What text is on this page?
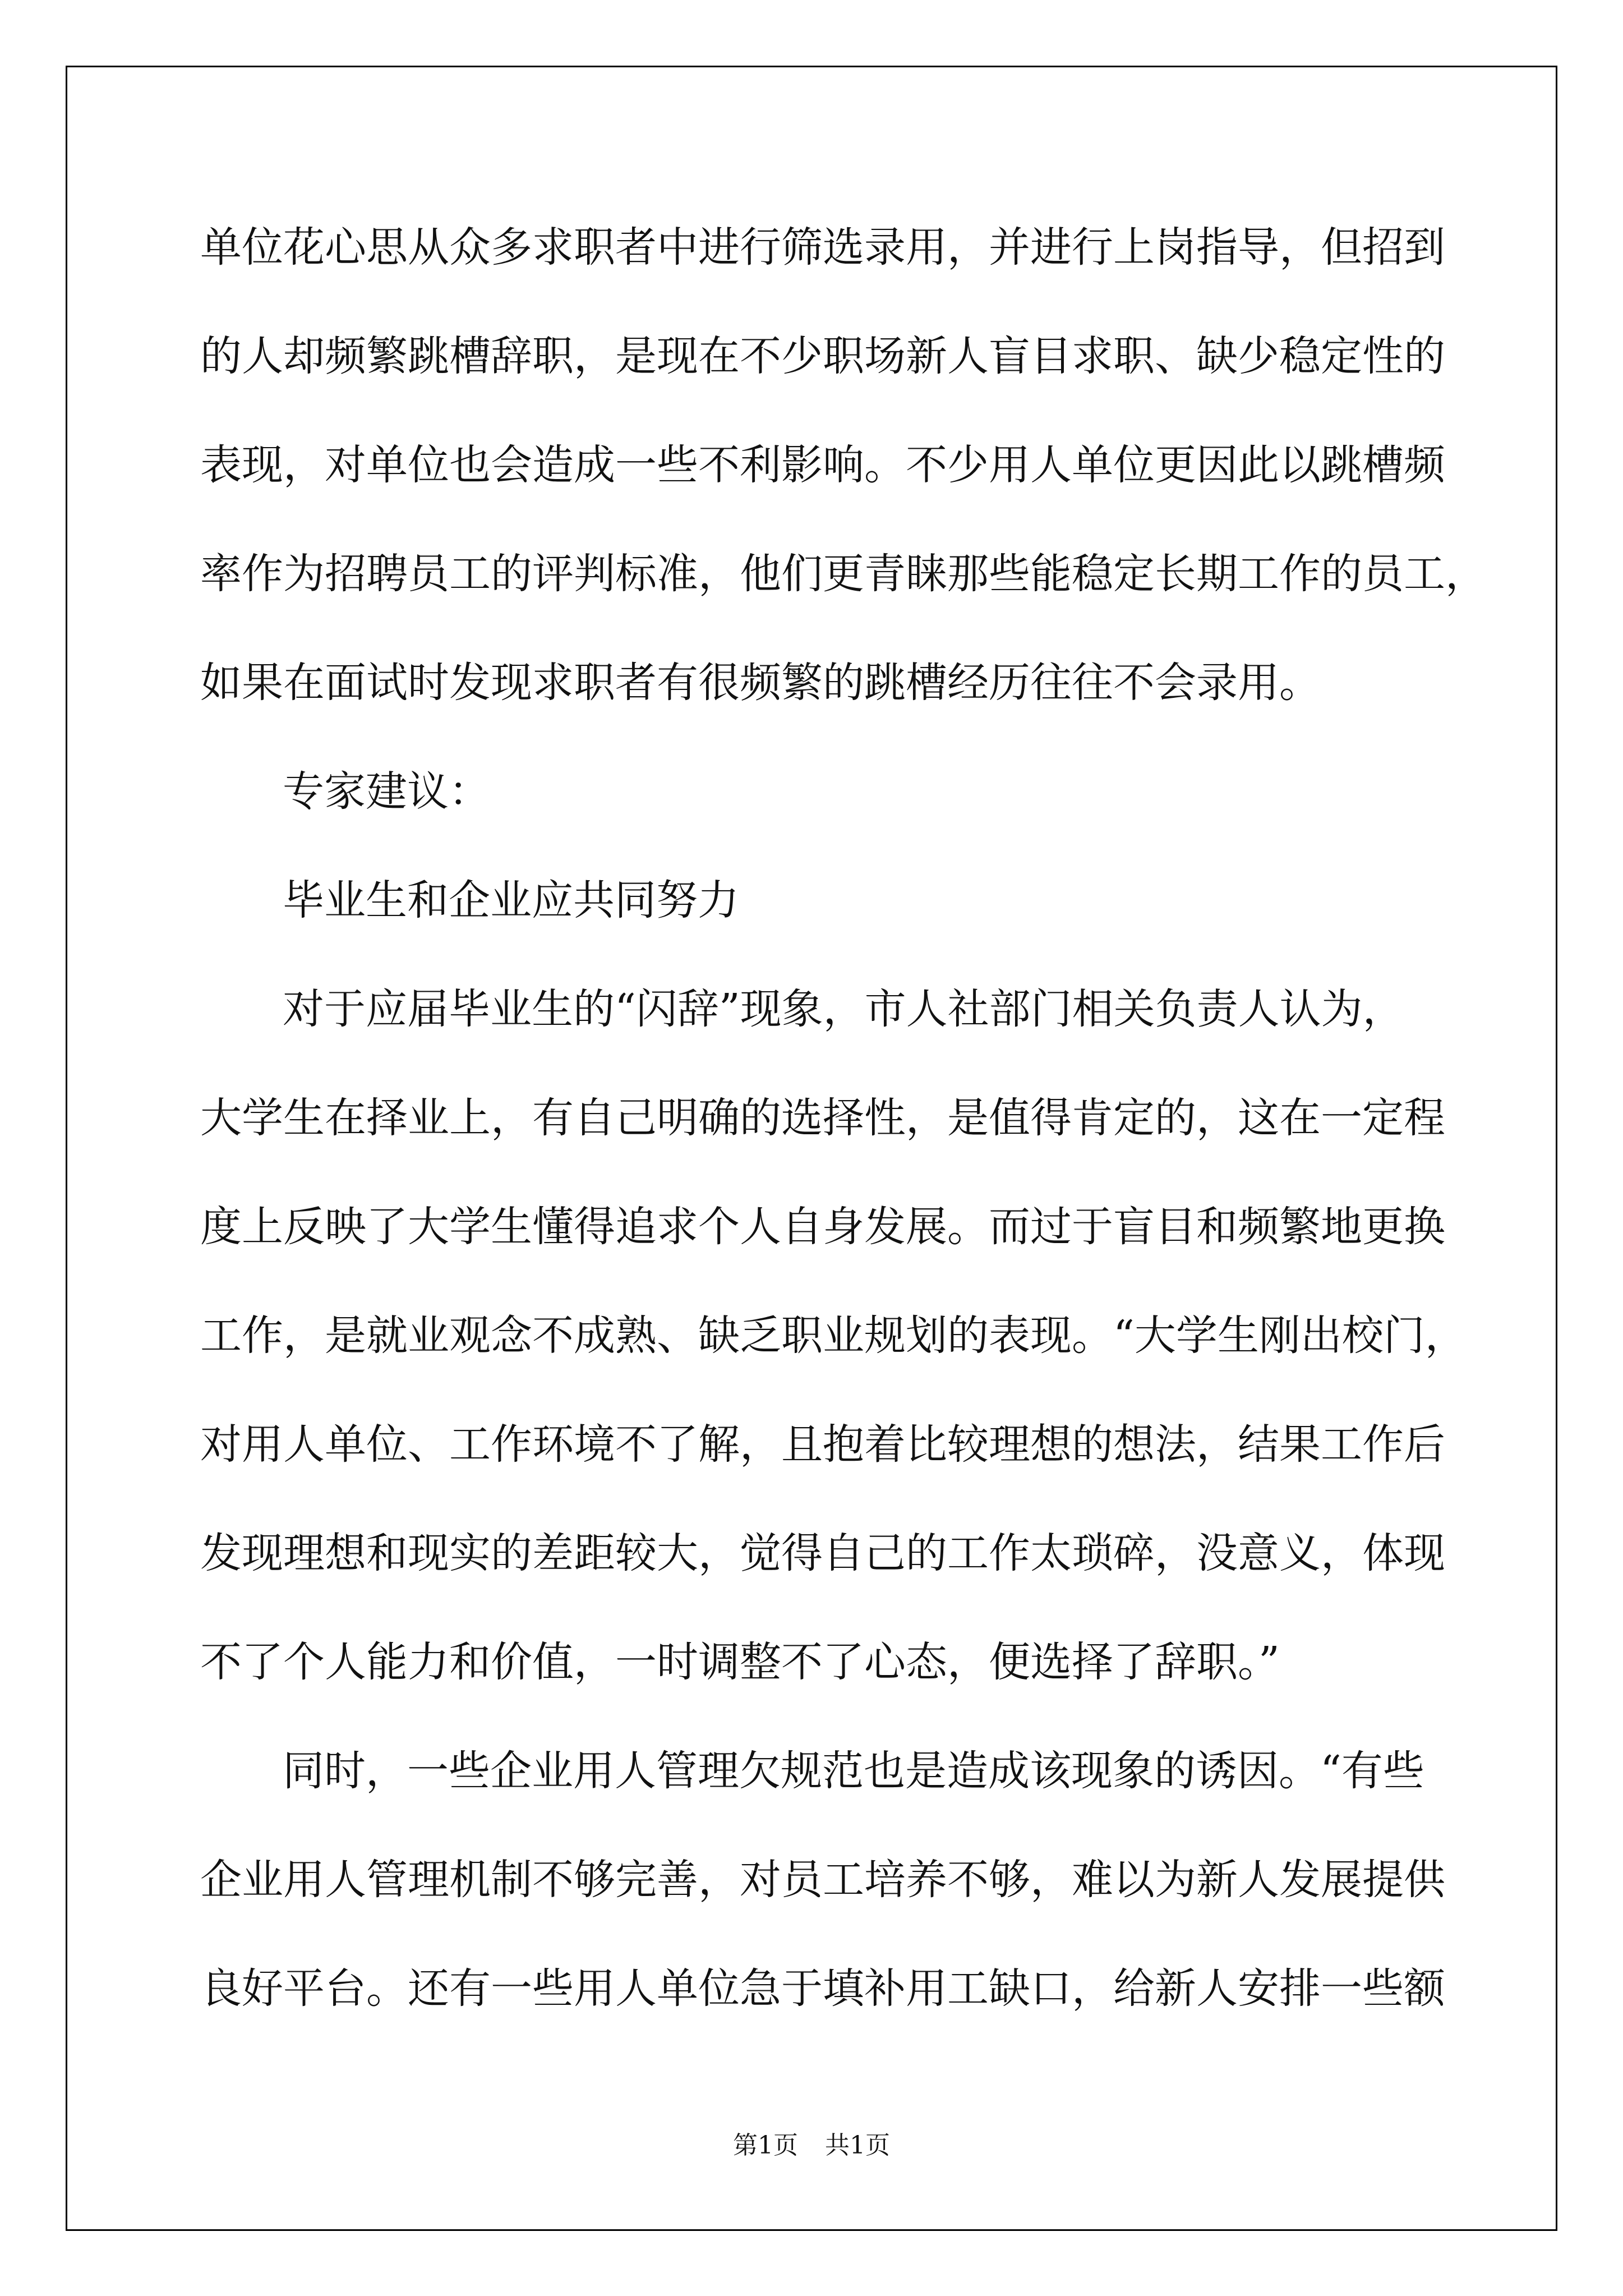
单位花心思从众多求职者中进行筛选录用，并进行上岗指导，但招到
的人却频繁跳槽辞职，是现在不少职场新人盲目求职、缺少稳定性的
表现，对单位也会造成一些不利影响。不少用人单位更因此以跳槽频
率作为招聘员工的评判标准，他们更青睐那些能稳定长期工作的员工，
如果在面试时发现求职者有很频繁的跳槽经历往往不会录用。
专家建议：
毕业生和企业应共同努力
对于应届毕业生的“闪辞”现象，市人社部门相关负责人认为，
大学生在择业上，有自己明确的选择性，是值得肯定的，这在一定程
度上反映了大学生懂得追求个人自身发展。而过于盲目和频繁地更换
工作，是就业观念不成熟、缺乏职业规划的表现。“大学生刚出校门，
对用人单位、工作环境不了解，且抱着比较理想的想法，结果工作后
发现理想和现实的差距较大，觉得自己的工作太琐碎，没意义，体现
不了个人能力和价值，一时调整不了心态，便选择了辞职。”
同时，一些企业用人管理欠规范也是造成该现象的诱因。“有些
企业用人管理机制不够完善，对员工培养不够，难以为新人发展提供
良好平台。还有一些用人单位急于填补用工缺口，给新人安排一些额
第1页 共1页
